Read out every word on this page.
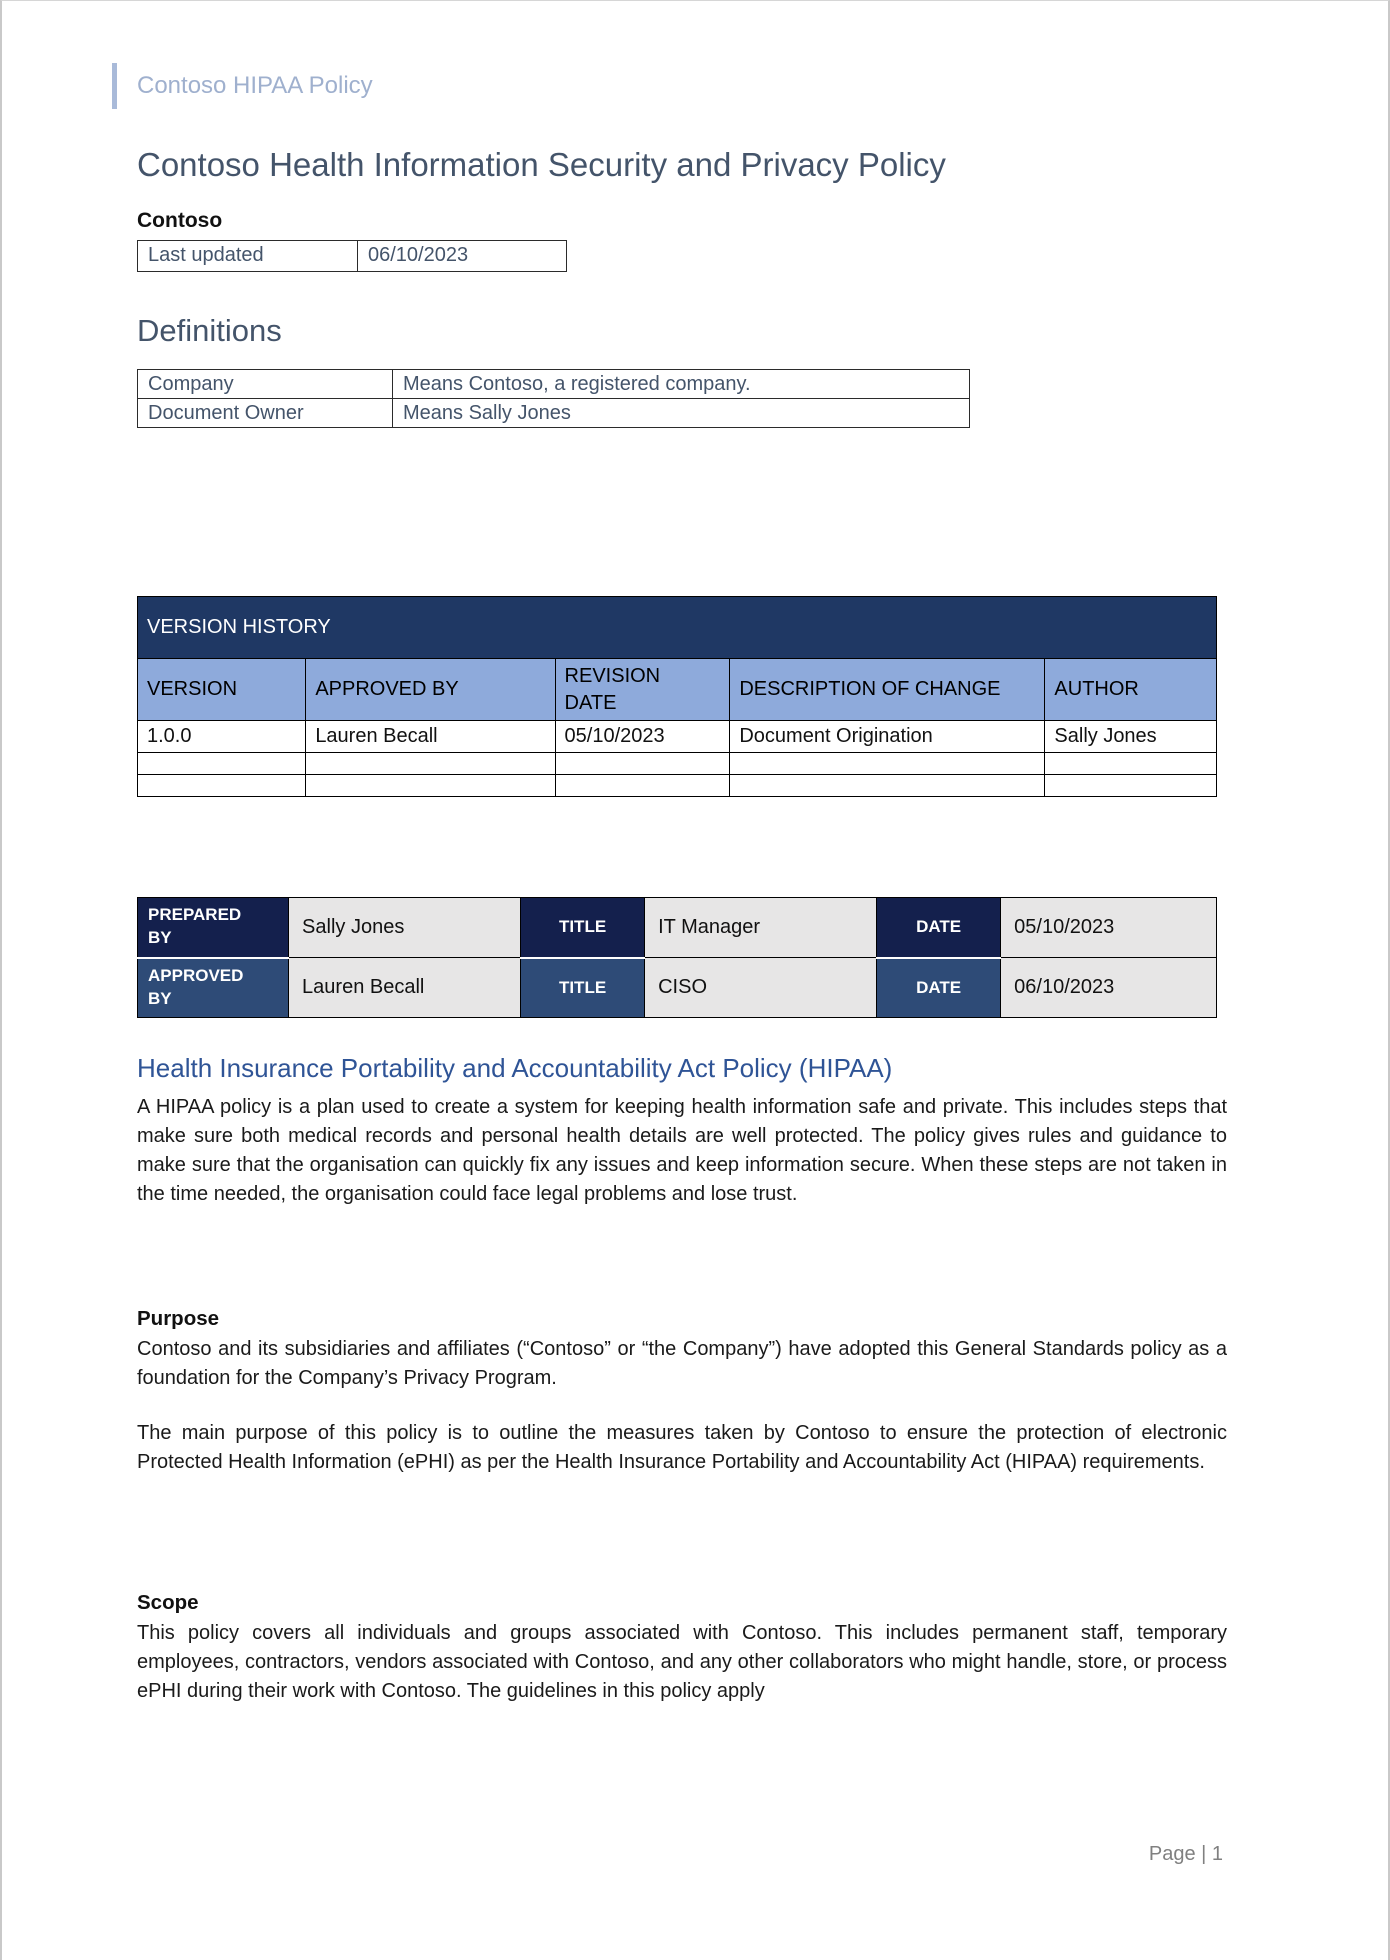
Contoso HIPAA Policy
Contoso Health Information Security and Privacy Policy
Contoso
Last updated	06/10/2023
Definitions
Company	Means Contoso, a registered company.
Document Owner	Means Sally Jones
VERSION HISTORY				
VERSION	APPROVED BY	REVISION DATE	DESCRIPTION OF CHANGE	AUTHOR
1.0.0	Lauren Becall	05/10/2023	Document Origination	Sally Jones

PREPARED BY	Sally Jones	TITLE	IT Manager	DATE	05/10/2023

APPROVED BY	Lauren Becall	TITLE	CISO	DATE	06/10/2023
Health Insurance Portability and Accountability Act Policy (HIPAA)

A HIPAA policy is a plan used to create a system for keeping health information safe and private. This includes steps that make sure both medical records and personal health details are well protected. The policy gives rules and guidance to make sure that the organisation can quickly fix any issues and keep information secure. When these steps are not taken in the time needed, the organisation could face legal problems and lose trust.

Purpose

Contoso and its subsidiaries and affiliates (“Contoso” or “the Company”) have adopted this General Standards policy as a foundation for the Company’s Privacy Program.

The main purpose of this policy is to outline the measures taken by Contoso to ensure the protection of electronic Protected Health Information (ePHI) as per the Health Insurance Portability and Accountability Act (HIPAA) requirements.

Scope

This policy covers all individuals and groups associated with Contoso. This includes permanent staff, temporary employees, contractors, vendors associated with Contoso, and any other collaborators who might handle, store, or process ePHI during their work with Contoso. The guidelines in this policy apply

Page | 1
